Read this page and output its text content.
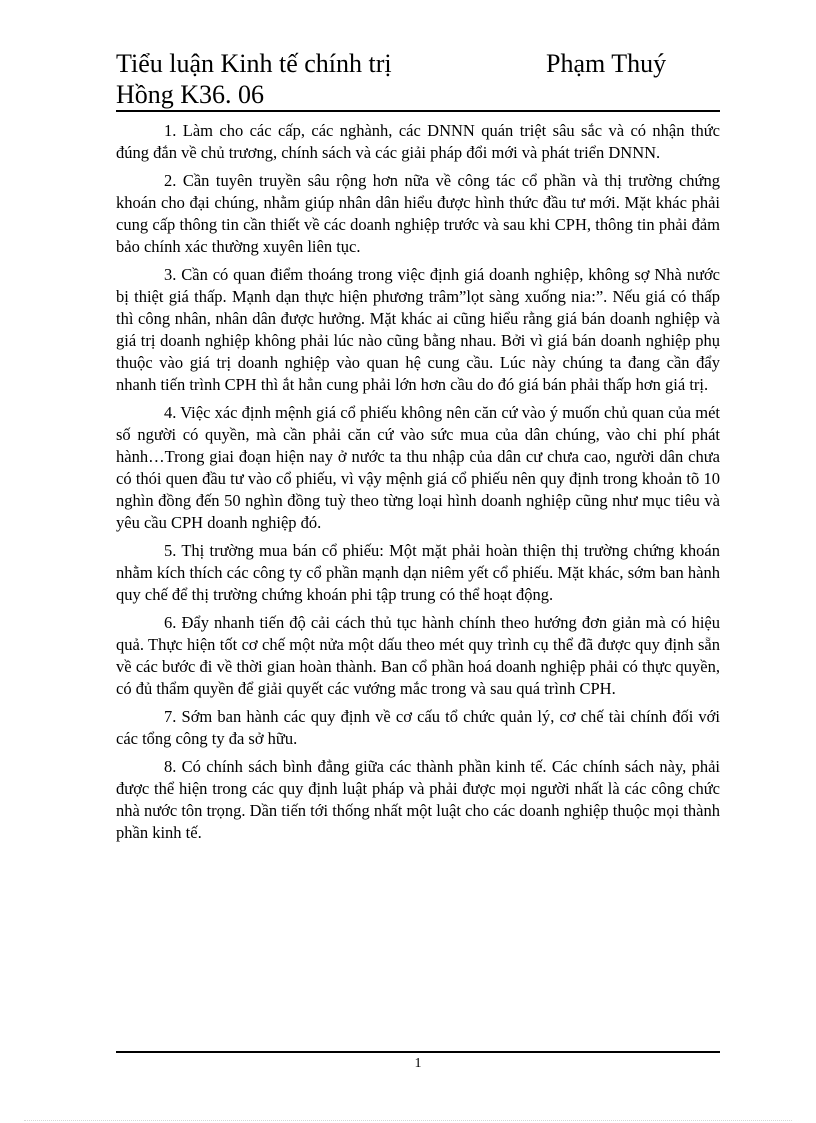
Tiểu luận Kinh tế chính trị	Phạm Thuý
Hồng K36. 06

1. Làm cho các cấp, các nghành, các DNNN quán triệt sâu sắc và có nhận thức đúng đắn về chủ trương, chính sách và các giải pháp đổi mới và phát triển DNNN.

2. Cần tuyên truyền sâu rộng hơn nữa về công tác cổ phần và thị trường chứng khoán cho đại chúng, nhằm giúp nhân dân hiểu được hình thức đầu tư mới. Mặt khác phải cung cấp thông tin cần thiết về các doanh nghiệp trước và sau khi CPH, thông tin phải đảm bảo chính xác thường xuyên liên tục.

3. Cần có quan điểm thoáng trong việc định giá doanh nghiệp, không sợ Nhà nước bị thiệt giá thấp. Mạnh dạn thực hiện phương trâm”lọt sàng xuống nia:”. Nếu giá có thấp thì công nhân, nhân dân được hưởng. Mặt khác ai cũng hiểu rằng giá bán doanh nghiệp và giá trị doanh nghiệp không phải lúc nào cũng bằng nhau. Bởi vì giá bán doanh nghiệp phụ thuộc vào giá trị doanh nghiệp vào quan hệ cung cầu. Lúc này chúng ta đang cần đẩy nhanh tiến trình CPH thì ắt hẳn cung phải lớn hơn cầu do đó giá bán phải thấp hơn giá trị.

4. Việc xác định mệnh giá cổ phiếu không nên căn cứ vào ý muốn chủ quan của mét số người có quyền, mà cần phải căn cứ vào sức mua của dân chúng, vào chi phí phát hành…Trong giai đoạn hiện nay ở nước ta thu nhập của dân cư chưa cao, người dân chưa có thói quen đầu tư vào cổ phiếu, vì vậy mệnh giá cổ phiếu nên quy định trong khoản tõ 10 nghìn đồng đến 50 nghìn đồng tuỳ theo từng loại hình doanh nghiệp cũng như mục tiêu và yêu cầu CPH doanh nghiệp đó.

5. Thị trường mua bán cổ phiếu: Một mặt phải hoàn thiện thị trường chứng khoán nhằm kích thích các công ty cổ phần mạnh dạn niêm yết cổ phiếu. Mặt khác, sớm ban hành quy chế để thị trường chứng khoán phi tập trung có thể hoạt động.

6. Đẩy nhanh tiến độ cải cách thủ tục hành chính theo hướng đơn giản mà có hiệu quả. Thực hiện tốt cơ chế một nửa một dấu theo mét quy trình cụ thể đã được quy định sẵn về các bước đi về thời gian hoàn thành. Ban cổ phần hoá doanh nghiệp phải có thực quyền, có đủ thẩm quyền để giải quyết các vướng mắc trong và sau quá trình CPH.

7. Sớm ban hành các quy định về cơ cấu tổ chức quản lý, cơ chế tài chính đối với các tổng công ty đa sở hữu.

8. Có chính sách bình đẳng giữa các thành phần kinh tế. Các chính sách này, phải được thể hiện trong các quy định luật pháp và phải được mọi người nhất là các công chức nhà nước tôn trọng. Dần tiến tới thống nhất một luật cho các doanh nghiệp thuộc mọi thành phần kinh tế.

1
